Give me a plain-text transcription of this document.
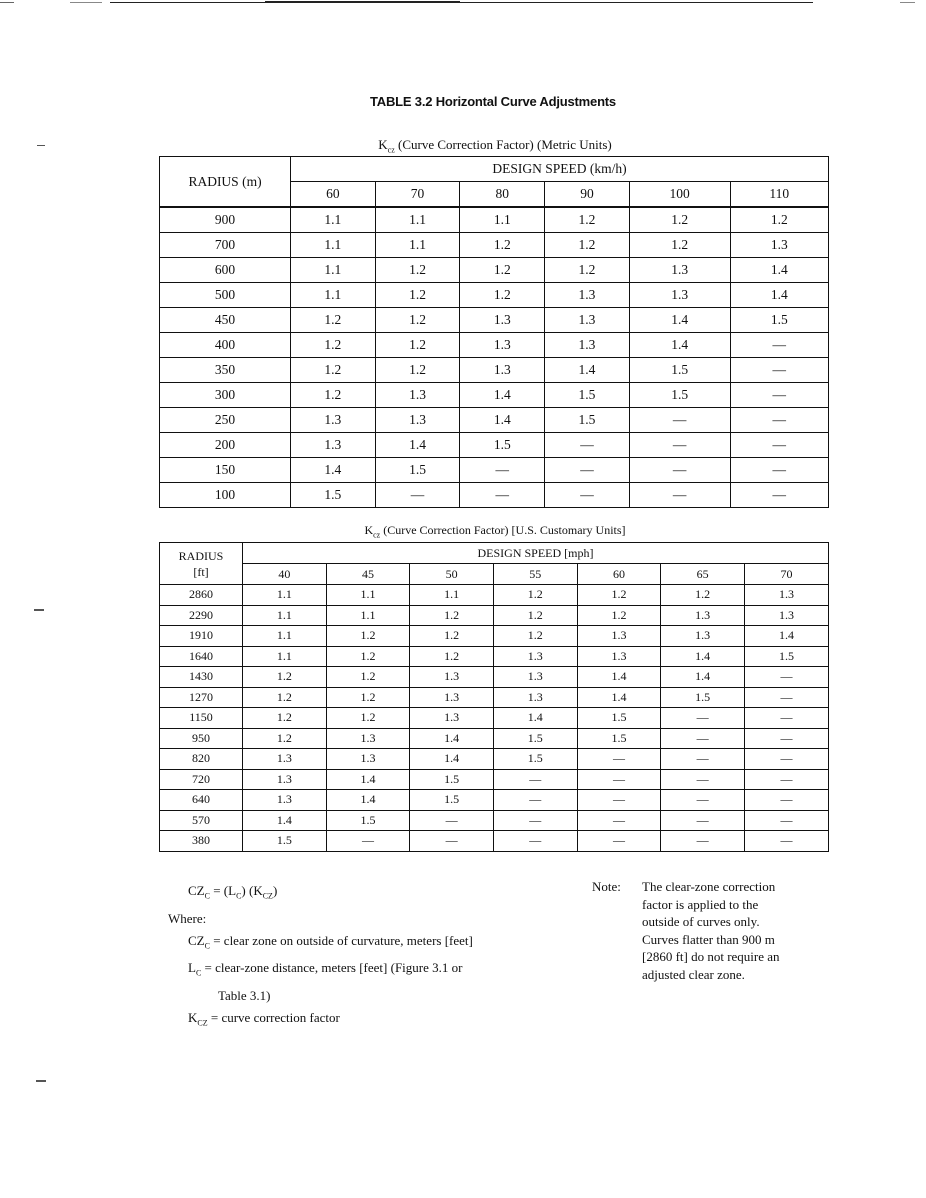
TABLE 3.2 Horizontal Curve Adjustments
$K_{cz}$ (Curve Correction Factor) (Metric Units)
RADIUS (m)	DESIGN SPEED (km/h)					
	60	70	80	90	100	110
900	1.1	1.1	1.1	1.2	1.2	1.2
700	1.1	1.1	1.2	1.2	1.2	1.3
600	1.1	1.2	1.2	1.2	1.3	1.4
500	1.1	1.2	1.2	1.3	1.3	1.4
450	1.2	1.2	1.3	1.3	1.4	1.5
400	1.2	1.2	1.3	1.3	1.4	—
350	1.2	1.2	1.3	1.4	1.5	—
300	1.2	1.3	1.4	1.5	1.5	—
250	1.3	1.3	1.4	1.5	—	—
200	1.3	1.4	1.5	—	—	—
150	1.4	1.5	—	—	—	—
100	1.5	—	—	—	—	—
$K_{cz}$ (Curve Correction Factor) [U.S. Customary Units]
RADIUS
[ft]	DESIGN SPEED [mph]						
	40	45	50	55	60	65	70
2860	1.1	1.1	1.1	1.2	1.2	1.2	1.3
2290	1.1	1.1	1.2	1.2	1.2	1.3	1.3
1910	1.1	1.2	1.2	1.2	1.3	1.3	1.4
1640	1.1	1.2	1.2	1.3	1.3	1.4	1.5
1430	1.2	1.2	1.3	1.3	1.4	1.4	—
1270	1.2	1.2	1.3	1.3	1.4	1.5	—
1150	1.2	1.2	1.3	1.4	1.5	—	—
950	1.2	1.3	1.4	1.5	1.5	—	—
820	1.3	1.3	1.4	1.5	—	—	—
720	1.3	1.4	1.5	—	—	—	—
640	1.3	1.4	1.5	—	—	—	—
570	1.4	1.5	—	—	—	—	—
380	1.5	—	—	—	—	—	—
$CZ_C = (L_C)$ $(K_{CZ})$
Where:
$CZ_C$ = clear zone on outside of curvature, meters [feet]
$L_C$ = clear-zone distance, meters [feet] (Figure 3.1 or
Table 3.1)
$K_{CZ}$ = curve correction factor
Note:	The clear-zone correction
factor is applied to the
outside of curves only.
Curves flatter than 900 m
[2860 ft] do not require an
adjusted clear zone.
